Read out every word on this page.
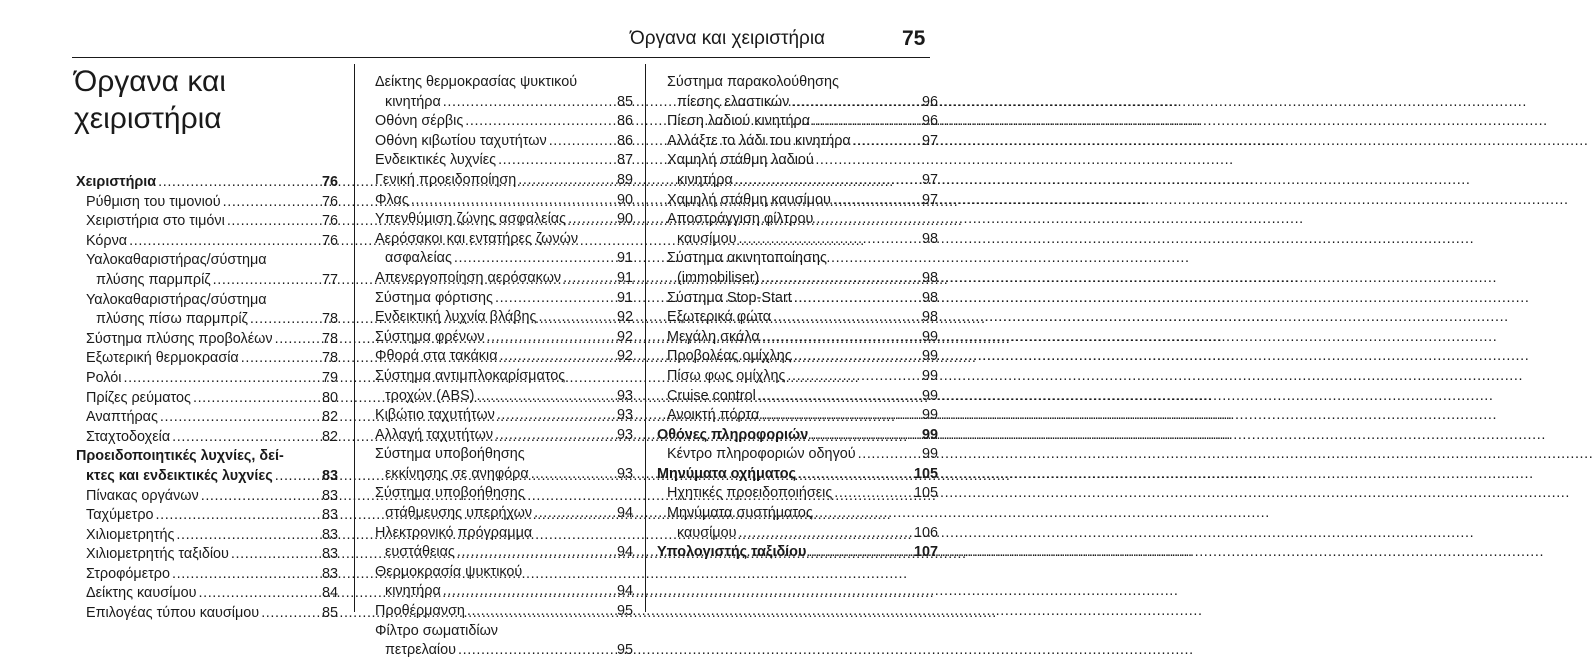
Όργανα και χειριστήρια	75
Όργανα και χειριστήρια
Χειριστήρια .....	76
Ρύθμιση του τιμονιού .....	76
Χειριστήρια στο τιμόνι .....	76
Κόρνα .....	76
Υαλοκαθαριστήρας/σύστημα
πλύσης παρμπρίζ .....	77
Υαλοκαθαριστήρας/σύστημα
πλύσης πίσω παρμπρίζ .....	78
Σύστημα πλύσης προβολέων .....	78
Εξωτερική θερμοκρασία .....	78
Ρολόι .....	79
Πρίζες ρεύματος .....	80
Αναπτήρας .....	82
Σταχτοδοχεία .....	82
Προειδοποιητικές λυχνίες, δεί-
κτες και ενδεικτικές λυχνίες .....	83
Πίνακας οργάνων .....	83
Ταχύμετρο .....	83
Χιλιομετρητής .....	83
Χιλιομετρητής ταξιδίου .....	83
Στροφόμετρο .....	83
Δείκτης καυσίμου .....	84
Επιλογέας τύπου καυσίμου .....	85
Δείκτης θερμοκρασίας ψυκτικού
κινητήρα .....	85
Οθόνη σέρβις .....	86
Οθόνη κιβωτίου ταχυτήτων .....	86
Ενδεικτικές λυχνίες .....	87
Γενική προειδοποίηση .....	89
Φλας .....	90
Υπενθύμιση ζώνης ασφαλείας .....	90
Αερόσακοι και εντατήρες ζωνών
ασφαλείας .....	91
Απενεργοποίηση αερόσακων .....	91
Σύστημα φόρτισης .....	91
Ενδεικτική λυχνία βλάβης .....	92
Σύστημα φρένων .....	92
Φθορά στα τακάκια .....	92
Σύστημα αντιμπλοκαρίσματος
τροχών (ABS) .....	93
Κιβώτιο ταχυτήτων .....	93
Αλλαγή ταχυτήτων .....	93
Σύστημα υποβοήθησης
εκκίνησης σε ανηφόρα .....	93
Σύστημα υποβοήθησης
στάθμευσης υπερήχων .....	94
Ηλεκτρονικό πρόγραμμα
ευστάθειας .....	94
Θερμοκρασία ψυκτικού
κινητήρα .....	94
Προθέρμανση .....	95
Φίλτρο σωματιδίων
πετρελαίου .....	95
Σύστημα παρακολούθησης
πίεσης ελαστικών .....	96
Πίεση λαδιού κινητήρα .....	96
Αλλάξτε το λάδι του κινητήρα .....	97
Χαμηλή στάθμη λαδιού
κινητήρα .....	97
Χαμηλή στάθμη καυσίμου .....	97
Αποστράγγιση φίλτρου
καυσίμου .....	98
Σύστημα ακινητοποίησης
(immobiliser) .....	98
Σύστημα Stop-Start .....	98
Εξωτερικά φώτα .....	98
Μεγάλη σκάλα .....	99
Προβολέας ομίχλης .....	99
Πίσω φως ομίχλης .....	99
Cruise control .....	99
Ανοικτή πόρτα .....	99
Οθόνες πληροφοριών .....	99
Κέντρο πληροφοριών οδηγού .....	99
Μηνύματα οχήματος .....	105
Ηχητικές προειδοποιήσεις .....	105
Μηνύματα συστήματος
καυσίμου .....	106
Υπολογιστής ταξιδίου .....	107
